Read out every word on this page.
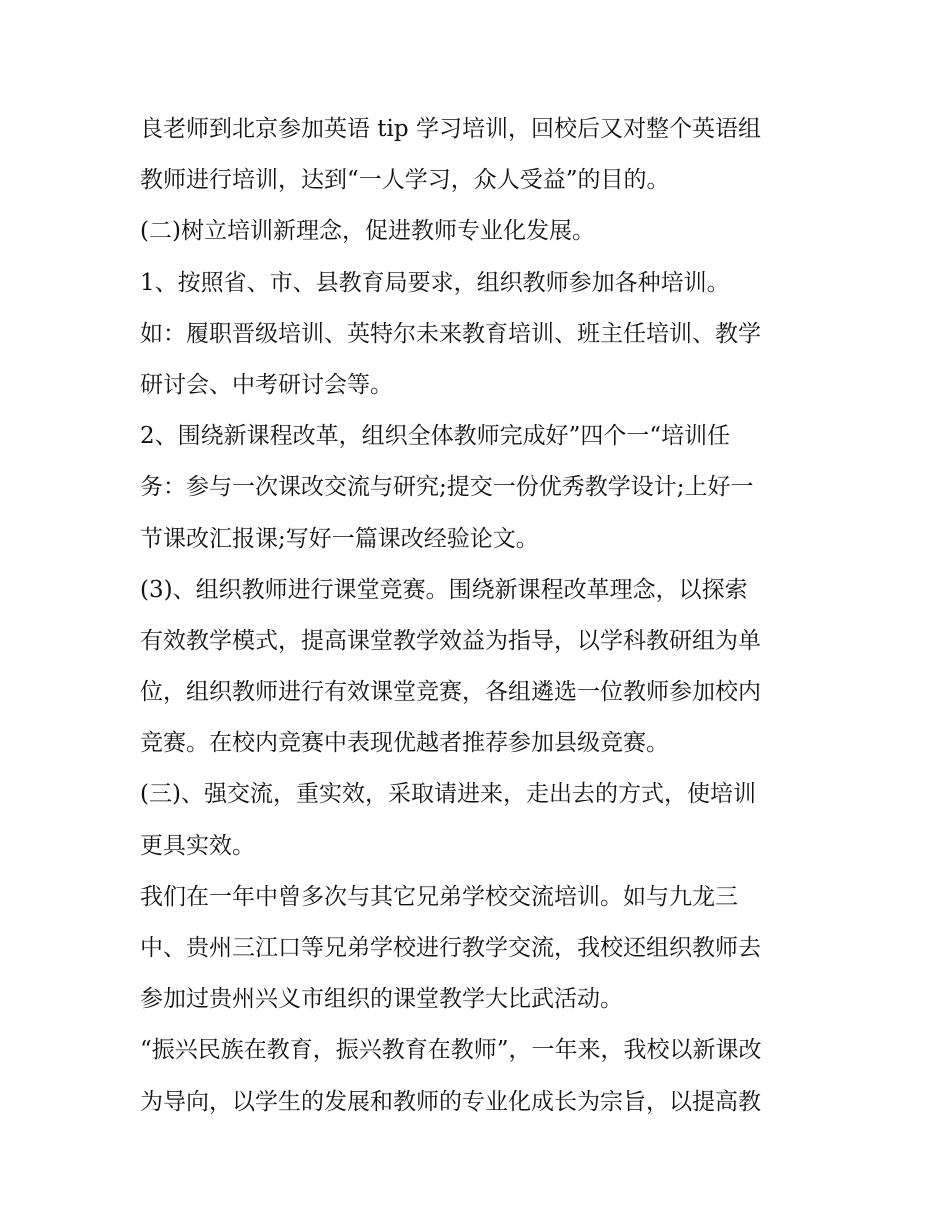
良老师到北京参加英语 tip 学习培训，回校后又对整个英语组
教师进行培训，达到“一人学习，众人受益”的目的。
(二)树立培训新理念，促进教师专业化发展。
1、按照省、市、县教育局要求，组织教师参加各种培训。
如：履职晋级培训、英特尔未来教育培训、班主任培训、教学
研讨会、中考研讨会等。
2、围绕新课程改革，组织全体教师完成好”四个一“培训任
务：参与一次课改交流与研究;提交一份优秀教学设计;上好一
节课改汇报课;写好一篇课改经验论文。
(3)、组织教师进行课堂竞赛。围绕新课程改革理念，以探索
有效教学模式，提高课堂教学效益为指导，以学科教研组为单
位，组织教师进行有效课堂竞赛，各组遴选一位教师参加校内
竞赛。在校内竞赛中表现优越者推荐参加县级竞赛。
(三)、强交流，重实效，采取请进来，走出去的方式，使培训
更具实效。
我们在一年中曾多次与其它兄弟学校交流培训。如与九龙三
中、贵州三江口等兄弟学校进行教学交流，我校还组织教师去
参加过贵州兴义市组织的课堂教学大比武活动。
“振兴民族在教育，振兴教育在教师”，一年来，我校以新课改
为导向，以学生的发展和教师的专业化成长为宗旨，以提高教
